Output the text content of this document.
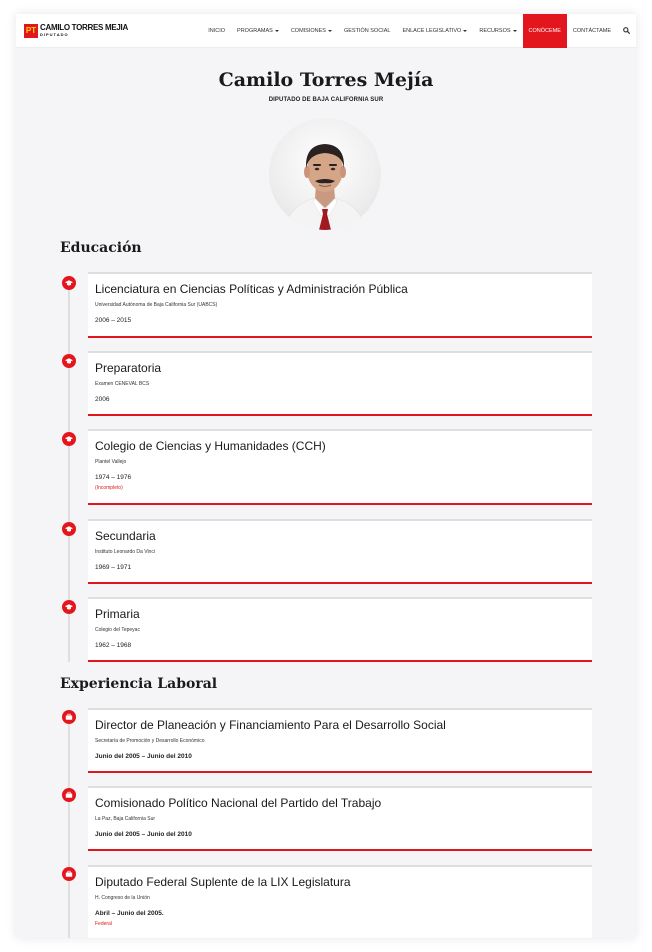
PT CAMILO TORRES MEJIA
DIPUTADO
INICIO PROGRAMAS	COMISIONES	GESTIÓN SOCIAL ENLACE LEGISLATIVO	RECURSOS	CONÓCEME CONTÁCTAME
Camilo Torres Mejía
DIPUTADO DE BAJA CALIFORNIA SUR
Educación
Licenciatura en Ciencias Políticas y Administración Pública
Universidad Autónoma de Baja California Sur (UABCS)
2006 – 2015
Preparatoria
Examen CENEVAL BCS
2006
Colegio de Ciencias y Humanidades (CCH)
Plantel Vallejo
1974 – 1976
(Incompleto)
Secundaria
Instituto Leonardo Da Vinci
1969 – 1971
Primaria
Colegio del Tepeyac
1962 – 1968
Experiencia Laboral
Director de Planeación y Financiamiento Para el Desarrollo Social
Secretaría de Promoción y Desarrollo Económico
Junio del 2005 – Junio del 2010
Comisionado Político Nacional del Partido del Trabajo
La Paz, Baja California Sur
Junio del 2005 – Junio del 2010
Diputado Federal Suplente de la LIX Legislatura
H. Congreso de la Unión
Abril – Junio del 2005.
Federal
